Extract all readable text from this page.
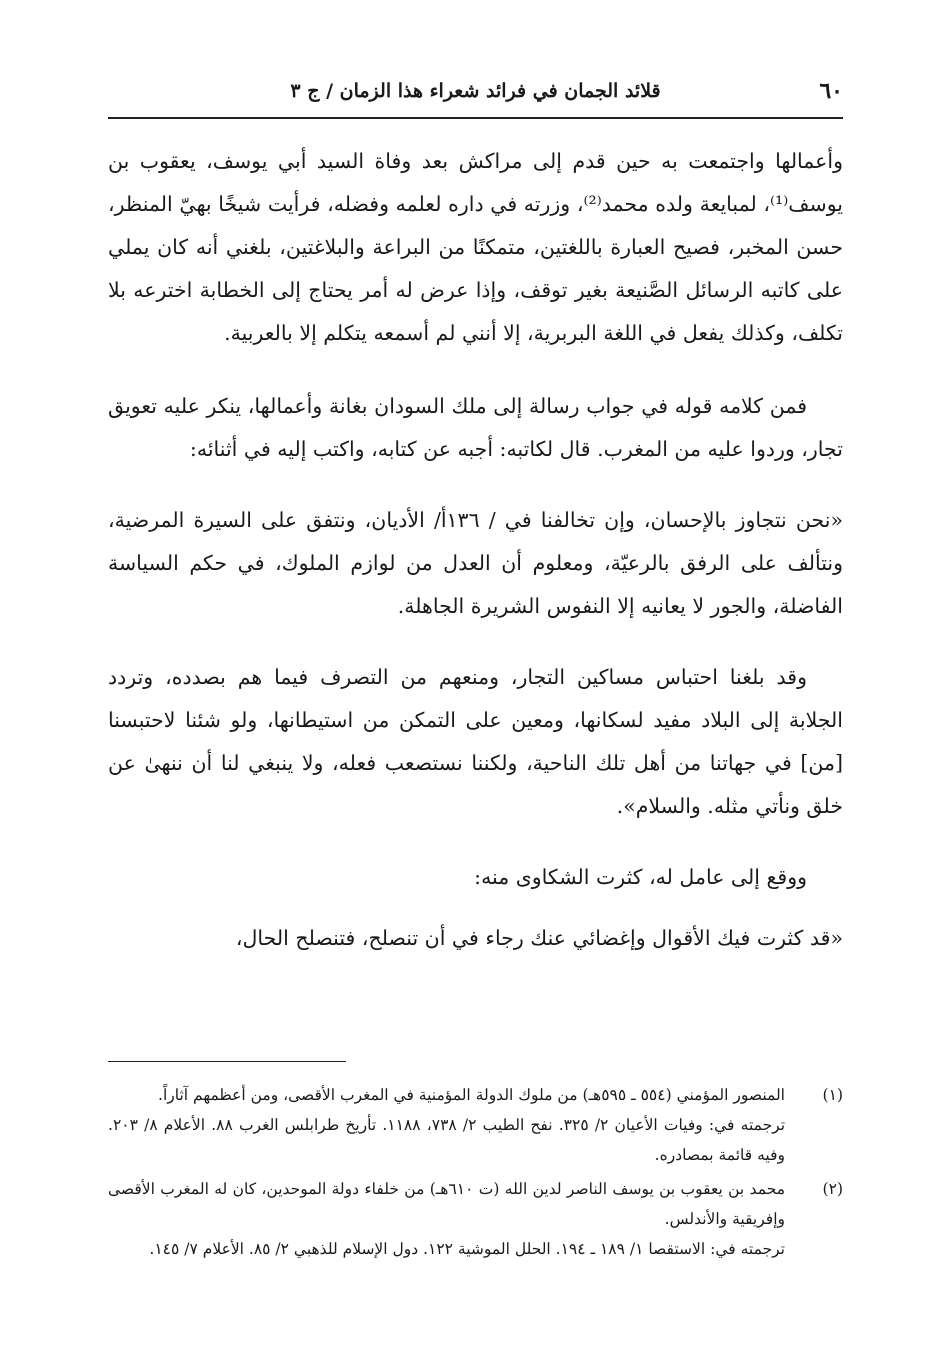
٦٠
قلائد الجمان في فرائد شعراء هذا الزمان / ج ٣

وأعمالها واجتمعت به حين قدم إلى مراكش بعد وفاة السيد أبي يوسف، يعقوب بن يوسف⁽¹⁾، لمبايعة ولده محمد⁽²⁾، وزرته في داره لعلمه وفضله، فرأيت شيخًا بهيّ المنظر، حسن المخبر، فصيح العبارة باللغتين، متمكنًا من البراعة والبلاغتين، بلغني أنه كان يملي على كاتبه الرسائل الصَّنيعة بغير توقف، وإذا عرض له أمر يحتاج إلى الخطابة اخترعه بلا تكلف، وكذلك يفعل في اللغة البربرية، إلا أنني لم أسمعه يتكلم إلا بالعربية.

فمن كلامه قوله في جواب رسالة إلى ملك السودان بغانة وأعمالها، ينكر عليه تعويق تجار، وردوا عليه من المغرب. قال لكاتبه: أجبه عن كتابه، واكتب إليه في أثنائه:

«نحن نتجاوز بالإحسان، وإن تخالفنا في / ١٣٦أ/ الأديان، ونتفق على السيرة المرضية، ونتألف على الرفق بالرعيّة، ومعلوم أن العدل من لوازم الملوك، في حكم السياسة الفاضلة، والجور لا يعانيه إلا النفوس الشريرة الجاهلة.

وقد بلغنا احتباس مساكين التجار، ومنعهم من التصرف فيما هم بصدده، وتردد الجلابة إلى البلاد مفيد لسكانها، ومعين على التمكن من استيطانها، ولو شئنا لاحتبسنا [من] في جهاتنا من أهل تلك الناحية، ولكننا نستصعب فعله، ولا ينبغي لنا أن ننهىٰ عن خلق ونأتي مثله. والسلام».

ووقع إلى عامل له، كثرت الشكاوى منه:

«قد كثرت فيك الأقوال وإغضائي عنك رجاء في أن تنصلح، فتنصلح الحال،

(١)

المنصور المؤمني (٥٥٤ ـ ٥٩٥هـ) من ملوك الدولة المؤمنية في المغرب الأقصى، ومن أعظمهم آثاراً.

ترجمته في: وفيات الأعيان ٢/ ٣٢٥. نفح الطيب ٢/ ٧٣٨، ١١٨٨. تأريخ طرابلس الغرب ٨٨. الأعلام ٨/ ٢٠٣. وفيه قائمة بمصادره.

(٢)

محمد بن يعقوب بن يوسف الناصر لدين الله (ت ٦١٠هـ) من خلفاء دولة الموحدين، كان له المغرب الأقصى وإفريقية والأندلس.

ترجمته في: الاستقصا ١/ ١٨٩ ـ ١٩٤. الحلل الموشية ١٢٢. دول الإسلام للذهبي ٢/ ٨٥. الأعلام ٧/ ١٤٥.
